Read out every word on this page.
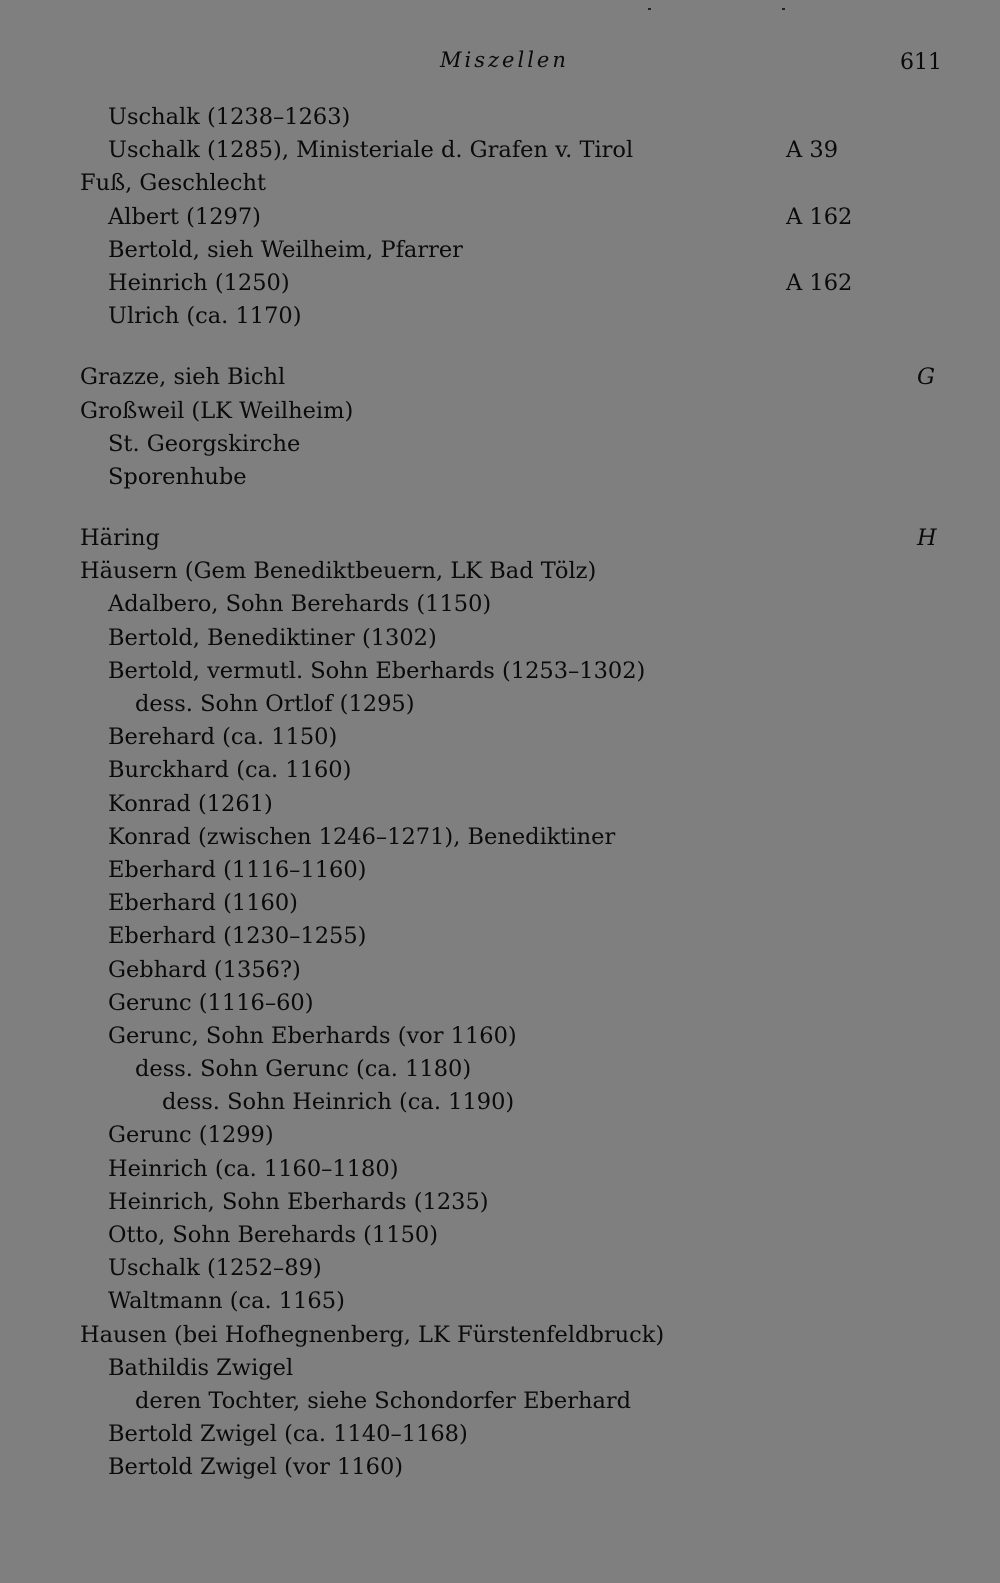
Miszellen	611
Uschalk (1238–1263)
Uschalk (1285), Ministeriale d. Grafen v. Tirol	A 39
Fuß, Geschlecht
Albert (1297)	A 162
Bertold, sieh Weilheim, Pfarrer
Heinrich (1250)	A 162
Ulrich (ca. 1170)
Grazze, sieh Bichl	G
Großweil (LK Weilheim)
St. Georgskirche
Sporenhube
Häring	H
Häusern (Gem Benediktbeuern, LK Bad Tölz)
Adalbero, Sohn Berehards (1150)
Bertold, Benediktiner (1302)
Bertold, vermutl. Sohn Eberhards (1253–1302)
dess. Sohn Ortlof (1295)
Berehard (ca. 1150)
Burckhard (ca. 1160)
Konrad (1261)
Konrad (zwischen 1246–1271), Benediktiner
Eberhard (1116–1160)
Eberhard (1160)
Eberhard (1230–1255)
Gebhard (1356?)
Gerunc (1116–60)
Gerunc, Sohn Eberhards (vor 1160)
dess. Sohn Gerunc (ca. 1180)
dess. Sohn Heinrich (ca. 1190)
Gerunc (1299)
Heinrich (ca. 1160–1180)
Heinrich, Sohn Eberhards (1235)
Otto, Sohn Berehards (1150)
Uschalk (1252–89)
Waltmann (ca. 1165)
Hausen (bei Hofhegnenberg, LK Fürstenfeldbruck)
Bathildis Zwigel
deren Tochter, siehe Schondorfer Eberhard
Bertold Zwigel (ca. 1140–1168)
Bertold Zwigel (vor 1160)
